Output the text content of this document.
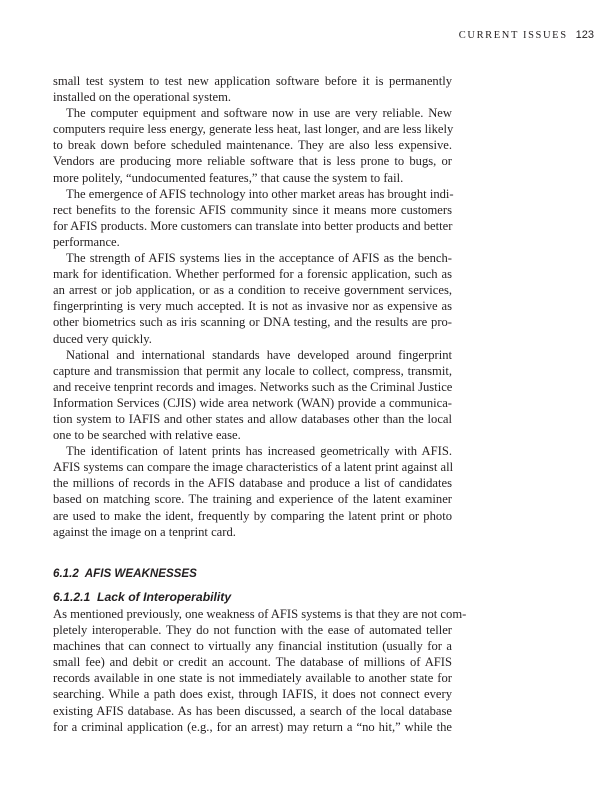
CURRENT ISSUES 123
small test system to test new application software before it is permanently
installed on the operational system.
The computer equipment and software now in use are very reliable. New
computers require less energy, generate less heat, last longer, and are less likely
to break down before scheduled maintenance. They are also less expensive.
Vendors are producing more reliable software that is less prone to bugs, or
more politely, “undocumented features,” that cause the system to fail.
The emergence of AFIS technology into other market areas has brought indi-
rect benefits to the forensic AFIS community since it means more customers
for AFIS products. More customers can translate into better products and better
performance.
The strength of AFIS systems lies in the acceptance of AFIS as the bench-
mark for identification. Whether performed for a forensic application, such as
an arrest or job application, or as a condition to receive government services,
fingerprinting is very much accepted. It is not as invasive nor as expensive as
other biometrics such as iris scanning or DNA testing, and the results are pro-
duced very quickly.
National and international standards have developed around fingerprint
capture and transmission that permit any locale to collect, compress, transmit,
and receive tenprint records and images. Networks such as the Criminal Justice
Information Services (CJIS) wide area network (WAN) provide a communica-
tion system to IAFIS and other states and allow databases other than the local
one to be searched with relative ease.
The identification of latent prints has increased geometrically with AFIS.
AFIS systems can compare the image characteristics of a latent print against all
the millions of records in the AFIS database and produce a list of candidates
based on matching score. The training and experience of the latent examiner
are used to make the ident, frequently by comparing the latent print or photo
against the image on a tenprint card.
6.1.2  AFIS WEAKNESSES
6.1.2.1  Lack of Interoperability
As mentioned previously, one weakness of AFIS systems is that they are not com-
pletely interoperable. They do not function with the ease of automated teller
machines that can connect to virtually any financial institution (usually for a
small fee) and debit or credit an account. The database of millions of AFIS
records available in one state is not immediately available to another state for
searching. While a path does exist, through IAFIS, it does not connect every
existing AFIS database. As has been discussed, a search of the local database
for a criminal application (e.g., for an arrest) may return a “no hit,” while the
